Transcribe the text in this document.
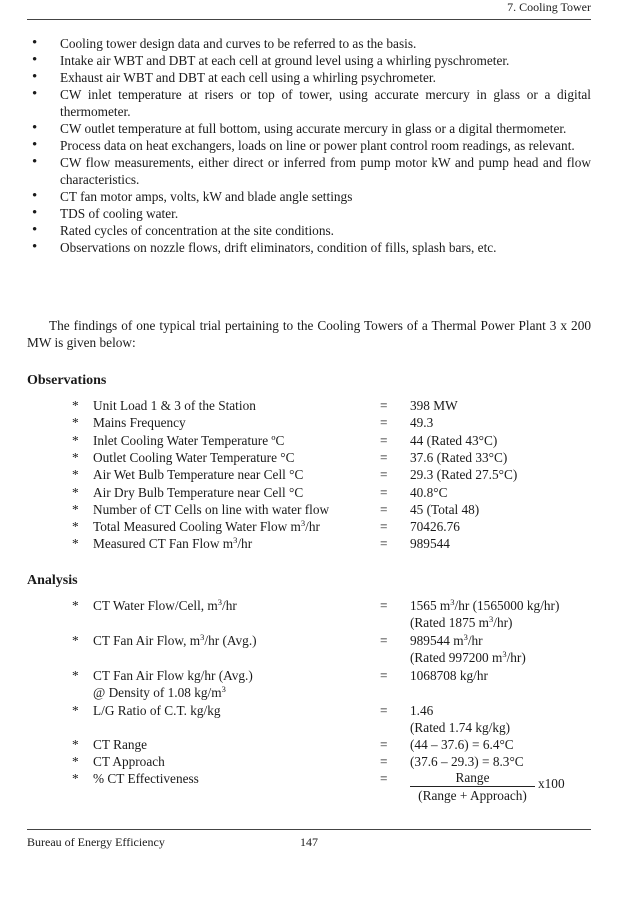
7. Cooling Tower
• Cooling tower design data and curves to be referred to as the basis.
• Intake air WBT and DBT at each cell at ground level using a whirling pyschrometer.
• Exhaust air WBT and DBT at each cell using a whirling psychrometer.
• CW inlet temperature at risers or top of tower, using accurate mercury in glass or a digital thermometer.
• CW outlet temperature at full bottom, using accurate mercury in glass or a digital thermometer.
• Process data on heat exchangers, loads on line or power plant control room readings, as relevant.
• CW flow measurements, either direct or inferred from pump motor kW and pump head and flow characteristics.
• CT fan motor amps, volts, kW and blade angle settings
• TDS of cooling water.
• Rated cycles of concentration at the site conditions.
• Observations on nozzle flows, drift eliminators, condition of fills, splash bars, etc.

The findings of one typical trial pertaining to the Cooling Towers of a Thermal Power Plant 3 x 200 MW is given below:

Observations
* Unit Load 1 & 3 of the Station	= 398 MW
* Mains Frequency	= 49.3
* Inlet Cooling Water Temperature ºC	= 44 (Rated 43°C)
* Outlet Cooling Water Temperature °C	= 37.6 (Rated 33°C)
* Air Wet Bulb Temperature near Cell °C	= 29.3 (Rated 27.5°C)
* Air Dry Bulb Temperature near Cell °C	= 40.8°C
* Number of CT Cells on line with water flow	= 45 (Total 48)
* Total Measured Cooling Water Flow $m^3/hr$	= 70426.76
* Measured CT Fan Flow $m^3/hr$	= 989544
Analysis
* CT Water Flow/Cell, $m^3/hr$	= 1565 $m^3/hr$ (1565000 kg/hr)
(Rated 1875 $m^3/hr$)
* CT Fan Air Flow, $m^3/hr$ (Avg.)	= 989544 $m^3/hr$
(Rated 997200 $m^3/hr$)
* CT Fan Air Flow kg/hr (Avg.)	= 1068708 kg/hr
@ Density of 1.08 $kg/m^3$
* L/G Ratio of C.T. kg/kg	= 1.46
(Rated 1.74 kg/kg)
* CT Range	= (44 – 37.6) = 6.4°C
* CT Approach	= (37.6 – 29.3) = 8.3°C
* % CT Effectiveness	=	Range
(Range + Approach)
x100
Bureau of Energy Efficiency	147
